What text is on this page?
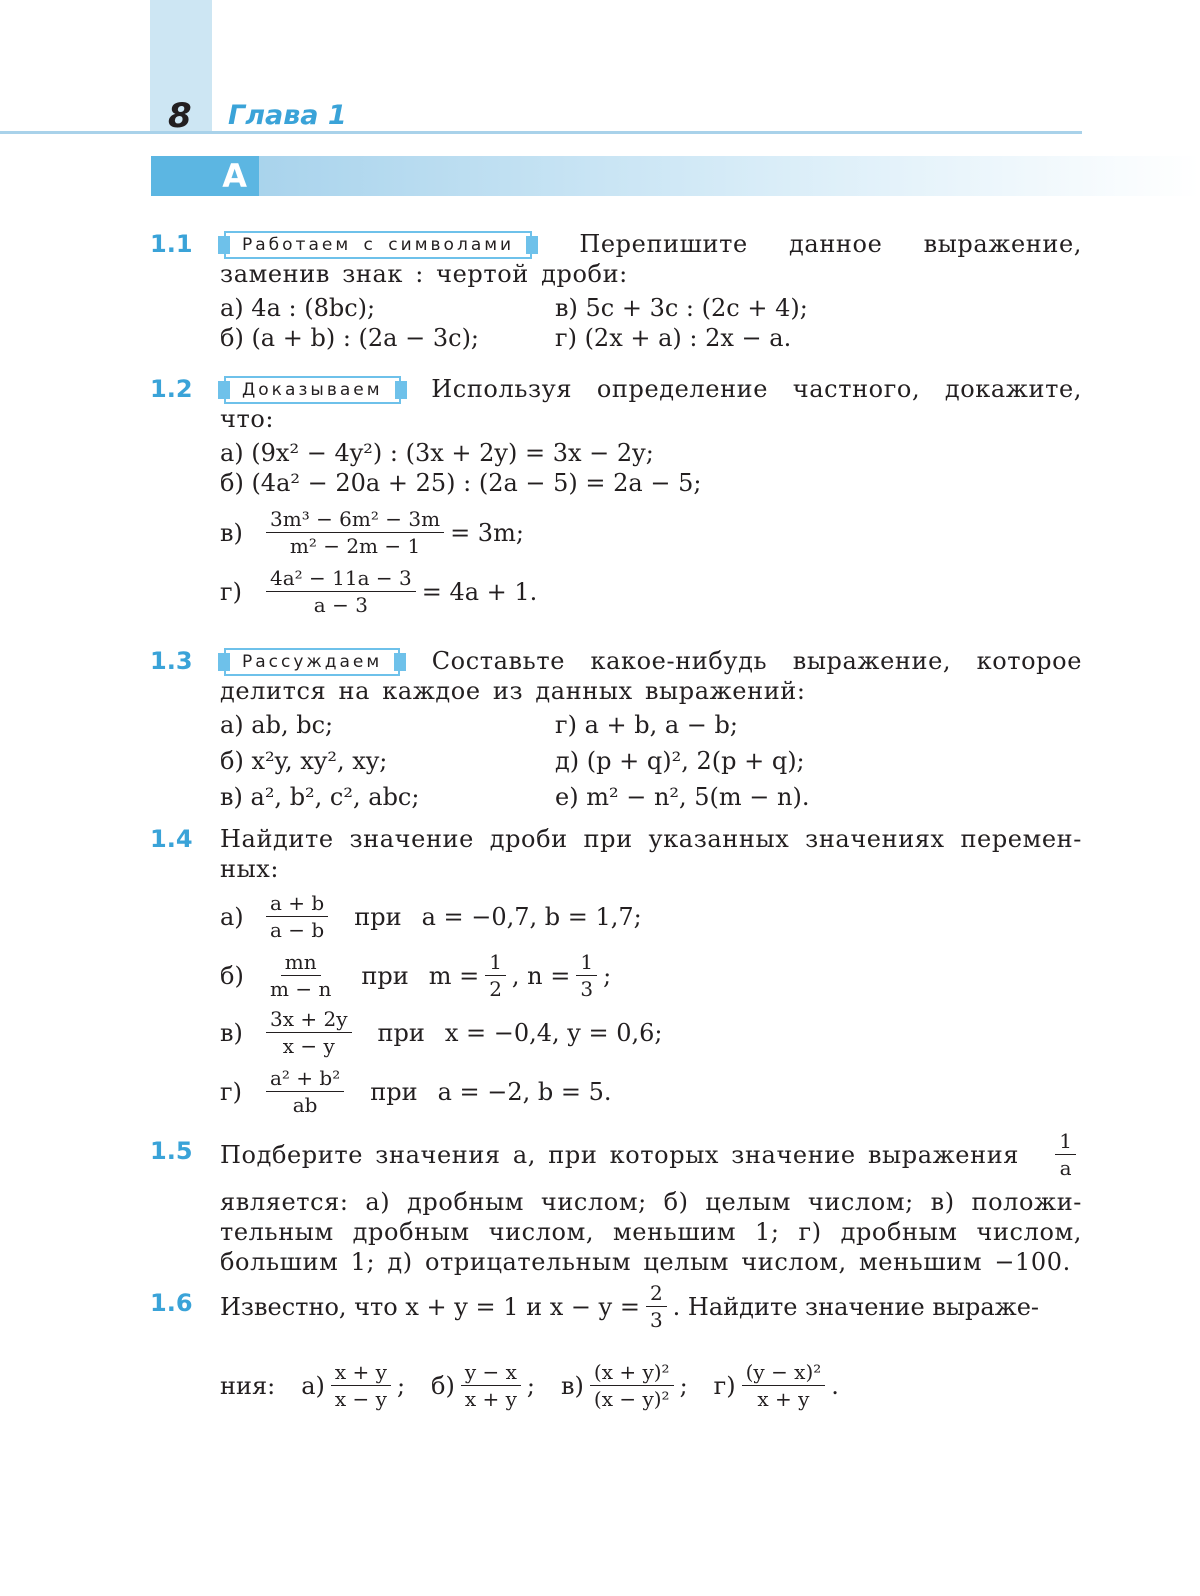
8 Глава 1
А
1.1	Работаем с символами	Перепишите данное выражение, заменив знак : чертой дроби:
а) 4a : (8bc);	в) 5c + 3c : (2c + 4);
б) (a + b) : (2a − 3c);	г) (2x + a) : 2x − a.
1.2	Доказываем Используя определение частного, докажите, что:
а) (9x² − 4y²) : (3x + 2y) = 3x − 2y;
б) (4a² − 20a + 25) : (2a − 5) = 2a − 5;
в)	$\frac{\text{3m³ − 6m² − 3m}}{\text{m² − 2m − 1}} = 3m$;
г)	$\frac{\text{4a² − 11a − 3}}{a - 3} = 4a + 1$.
1.3	Рассуждаем Составьте какое-нибудь выражение, которое делится на каждое из данных выражений:
а) ab, bc;	г) a + b, a − b;
б) x²y, xy², xy;	д) (p + q)², 2(p + q);
в) a², b², c², abc;	е) m² − n², 5(m − n).
1.4 Найдите значение дроби при указанных значениях перемен-ных:
а)	$\frac{a + b}{a - b}$ при a = −0,7, b = 1,7;
б)	$\frac{mn}{m - n}$ при $m = \frac{1}{2}$ , $n = \frac{1}{3}$ ;
в)	$\frac{3x + 2y}{x - y}$ при x = −0,4, y = 0,6;
г)	$\frac{\text{a² + b²}}{ab}$ при a = −2, b = 5.
1.5 Подберите значения a, при которых значение выражения	$\frac{1}{a}$
является: а) дробным числом; б) целым числом; в) положи-тельным дробным числом, меньшим 1; г) дробным числом, большим 1; д) отрицательным целым числом, меньшим −100.
1.6 Известно, что x + y = 1 и $x - y = \frac{2}{3}$ . Найдите значение выраже-
ния: $а) \frac{x + y}{x - y}$ ; $б) \frac{y - x}{x + y}$ ; $в) \frac{\text{(x + y)²}}{\text{(x − y)²}}$ ; $г) \frac{\text{(y − x)²}}{x + y}$ .
